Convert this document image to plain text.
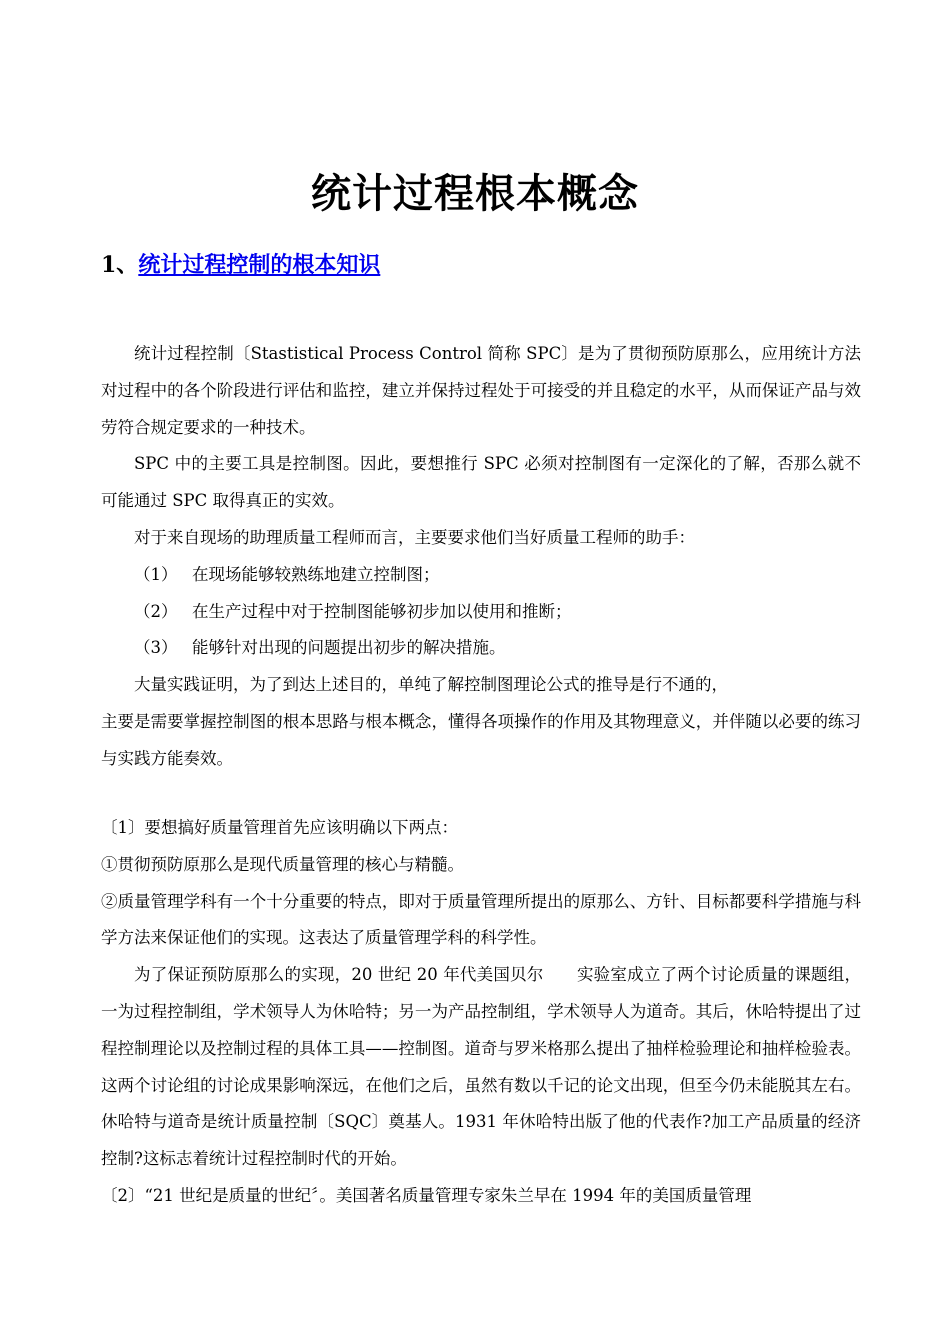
统计过程根本概念
1、统计过程控制的根本知识

统计过程控制〔Stastistical Process Control 简称 SPC〕是为了贯彻预防原那么，应用统计方法对过程中的各个阶段进行评估和监控，建立并保持过程处于可接受的并且稳定的水平，从而保证产品与效劳符合规定要求的一种技术。

SPC 中的主要工具是控制图。因此，要想推行 SPC 必须对控制图有一定深化的了解，否那么就不可能通过 SPC 取得真正的实效。

对于来自现场的助理质量工程师而言，主要要求他们当好质量工程师的助手：

（1） 在现场能够较熟练地建立控制图；

（2） 在生产过程中对于控制图能够初步加以使用和推断；

（3） 能够针对出现的问题提出初步的解决措施。

大量实践证明，为了到达上述目的，单纯了解控制图理论公式的推导是行不通的，

主要是需要掌握控制图的根本思路与根本概念，懂得各项操作的作用及其物理意义，并伴随以必要的练习与实践方能奏效。

〔1〕要想搞好质量管理首先应该明确以下两点：

①贯彻预防原那么是现代质量管理的核心与精髓。

②质量管理学科有一个十分重要的特点，即对于质量管理所提出的原那么、方针、目标都要科学措施与科学方法来保证他们的实现。这表达了质量管理学科的科学性。

为了保证预防原那么的实现，20 世纪 20 年代美国贝尔　　实验室成立了两个讨论质量的课题组，一为过程控制组，学术领导人为休哈特；另一为产品控制组，学术领导人为道奇。其后，休哈特提出了过程控制理论以及控制过程的具体工具——控制图。道奇与罗米格那么提出了抽样检验理论和抽样检验表。这两个讨论组的讨论成果影响深远，在他们之后，虽然有数以千记的论文出现，但至今仍未能脱其左右。休哈特与道奇是统计质量控制〔SQC〕奠基人。1931 年休哈特出版了他的代表作?加工产品质量的经济控制?这标志着统计过程控制时代的开始。

〔2〕“21 世纪是质量的世纪〞。美国著名质量管理专家朱兰早在 1994 年的美国质量管理
